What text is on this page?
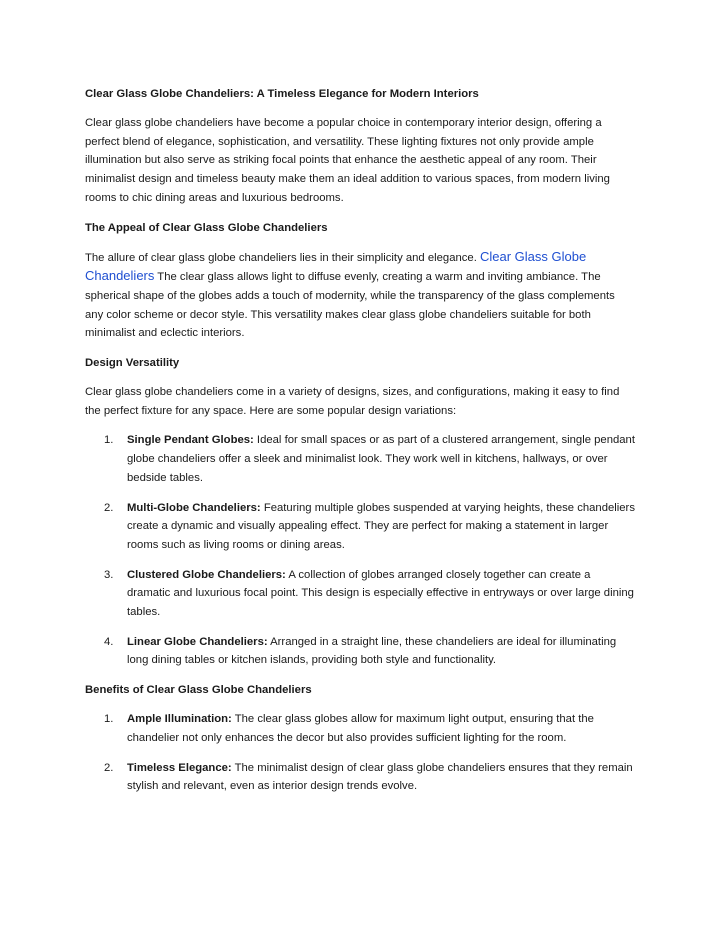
Clear Glass Globe Chandeliers: A Timeless Elegance for Modern Interiors

Clear glass globe chandeliers have become a popular choice in contemporary interior design, offering a perfect blend of elegance, sophistication, and versatility. These lighting fixtures not only provide ample illumination but also serve as striking focal points that enhance the aesthetic appeal of any room. Their minimalist design and timeless beauty make them an ideal addition to various spaces, from modern living rooms to chic dining areas and luxurious bedrooms.

The Appeal of Clear Glass Globe Chandeliers

The allure of clear glass globe chandeliers lies in their simplicity and elegance. Clear Glass Globe Chandeliers The clear glass allows light to diffuse evenly, creating a warm and inviting ambiance. The spherical shape of the globes adds a touch of modernity, while the transparency of the glass complements any color scheme or decor style. This versatility makes clear glass globe chandeliers suitable for both minimalist and eclectic interiors.

Design Versatility

Clear glass globe chandeliers come in a variety of designs, sizes, and configurations, making it easy to find the perfect fixture for any space. Here are some popular design variations:

1. Single Pendant Globes: Ideal for small spaces or as part of a clustered arrangement, single pendant globe chandeliers offer a sleek and minimalist look. They work well in kitchens, hallways, or over bedside tables.
2. Multi-Globe Chandeliers: Featuring multiple globes suspended at varying heights, these chandeliers create a dynamic and visually appealing effect. They are perfect for making a statement in larger rooms such as living rooms or dining areas.
3. Clustered Globe Chandeliers: A collection of globes arranged closely together can create a dramatic and luxurious focal point. This design is especially effective in entryways or over large dining tables.
4. Linear Globe Chandeliers: Arranged in a straight line, these chandeliers are ideal for illuminating long dining tables or kitchen islands, providing both style and functionality.
Benefits of Clear Glass Globe Chandeliers
1. Ample Illumination: The clear glass globes allow for maximum light output, ensuring that the chandelier not only enhances the decor but also provides sufficient lighting for the room.
2. Timeless Elegance: The minimalist design of clear glass globe chandeliers ensures that they remain stylish and relevant, even as interior design trends evolve.
